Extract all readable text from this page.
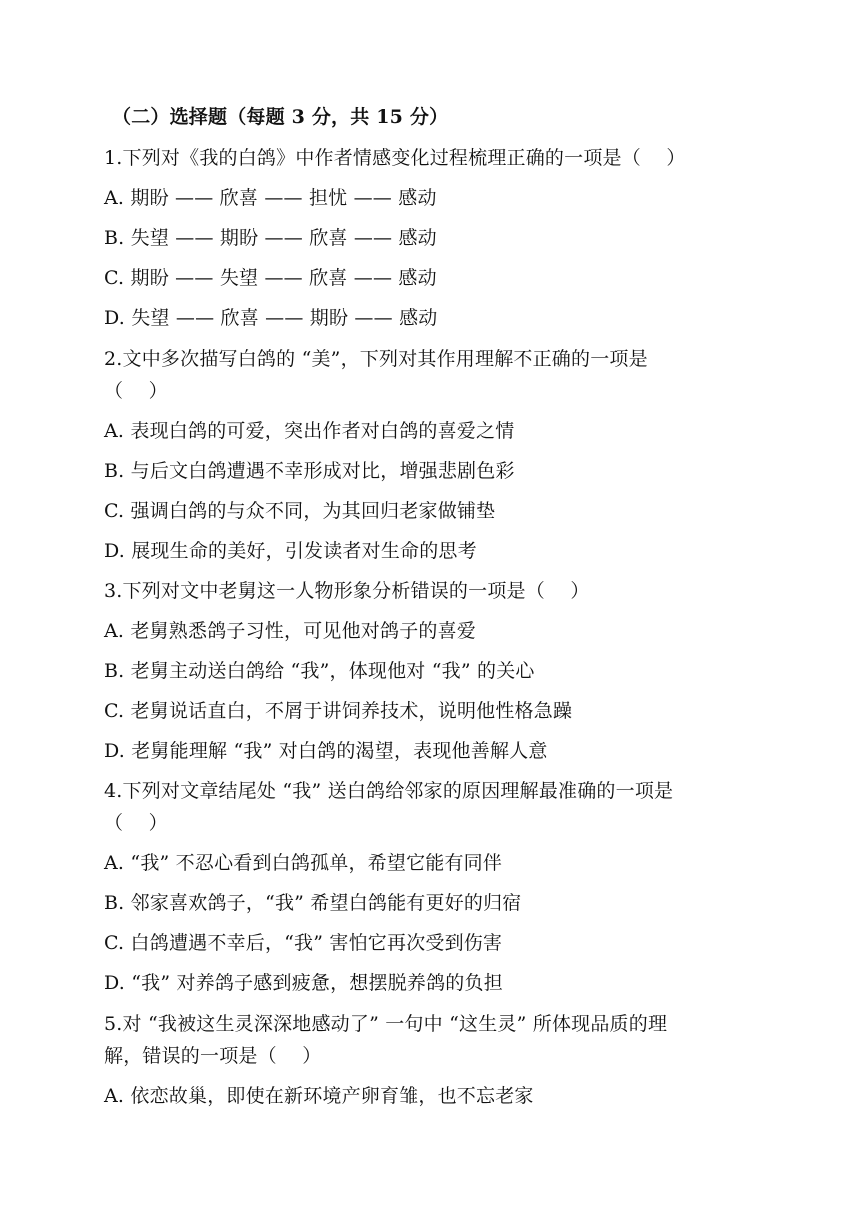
（二）选择题（每题 3 分，共 15 分）
1.下列对《我的白鸽》中作者情感变化过程梳理正确的一项是（　 ）
A. 期盼 —— 欣喜 —— 担忧 —— 感动
B. 失望 —— 期盼 —— 欣喜 —— 感动
C. 期盼 —— 失望 —— 欣喜 —— 感动
D. 失望 —— 欣喜 —— 期盼 —— 感动
2.文中多次描写白鸽的 “美”，下列对其作用理解不正确的一项是
（　 ）
A. 表现白鸽的可爱，突出作者对白鸽的喜爱之情
B. 与后文白鸽遭遇不幸形成对比，增强悲剧色彩
C. 强调白鸽的与众不同，为其回归老家做铺垫
D. 展现生命的美好，引发读者对生命的思考
3.下列对文中老舅这一人物形象分析错误的一项是（　 ）
A. 老舅熟悉鸽子习性，可见他对鸽子的喜爱
B. 老舅主动送白鸽给 “我”，体现他对 “我” 的关心
C. 老舅说话直白，不屑于讲饲养技术，说明他性格急躁
D. 老舅能理解 “我” 对白鸽的渴望，表现他善解人意
4.下列对文章结尾处 “我” 送白鸽给邻家的原因理解最准确的一项是
（　 ）
A. “我” 不忍心看到白鸽孤单，希望它能有同伴
B. 邻家喜欢鸽子，“我” 希望白鸽能有更好的归宿
C. 白鸽遭遇不幸后，“我” 害怕它再次受到伤害
D. “我” 对养鸽子感到疲惫，想摆脱养鸽的负担
5.对 “我被这生灵深深地感动了” 一句中 “这生灵” 所体现品质的理
解，错误的一项是（　 ）
A. 依恋故巢，即使在新环境产卵育雏，也不忘老家
